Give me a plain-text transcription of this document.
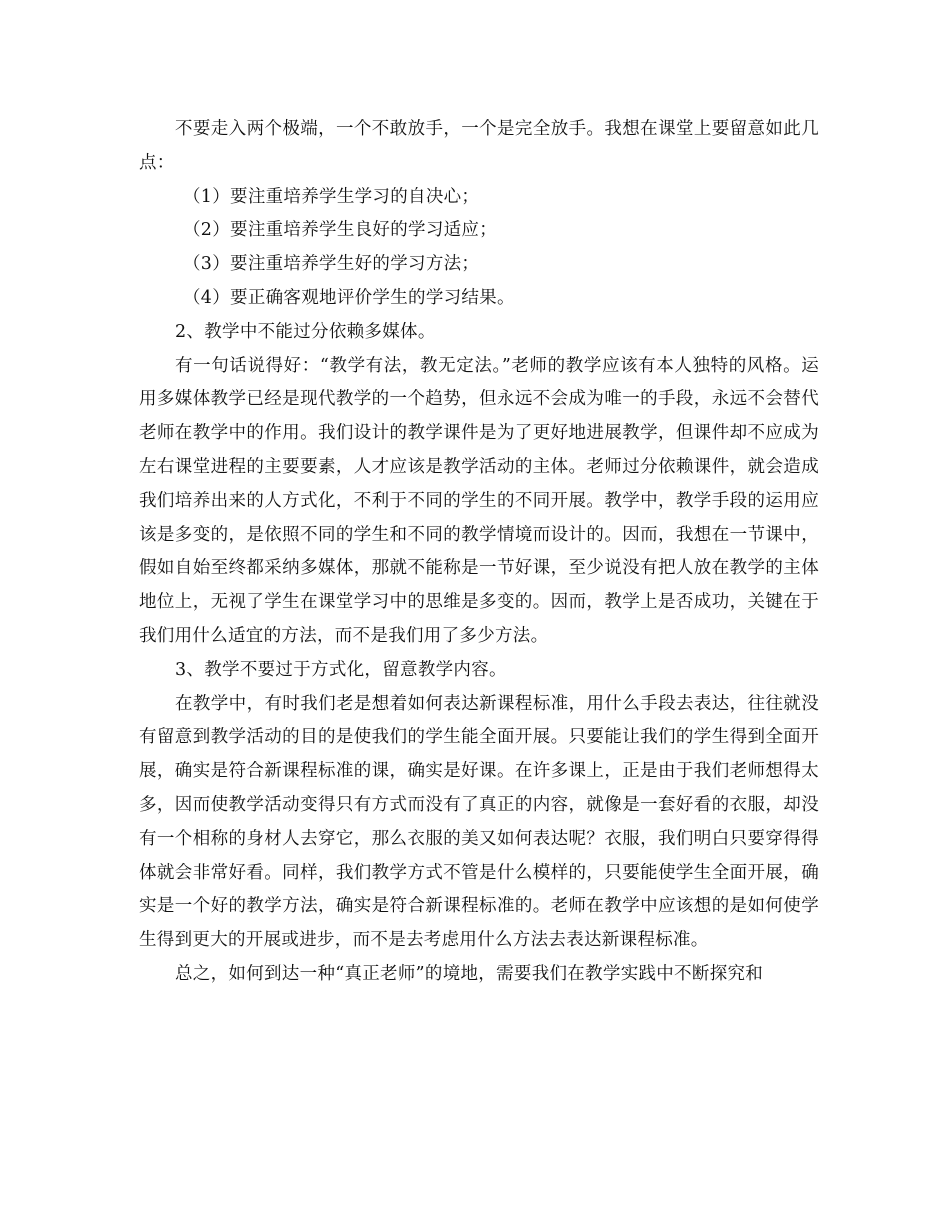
不要走入两个极端，一个不敢放手，一个是完全放手。我想在课堂上要留意如此几点：

（1）要注重培养学生学习的自决心；

（2）要注重培养学生良好的学习适应；

（3）要注重培养学生好的学习方法；

（4）要正确客观地评价学生的学习结果。

2、教学中不能过分依赖多媒体。

有一句话说得好：“教学有法，教无定法。”老师的教学应该有本人独特的风格。运用多媒体教学已经是现代教学的一个趋势，但永远不会成为唯一的手段，永远不会替代老师在教学中的作用。我们设计的教学课件是为了更好地进展教学，但课件却不应成为左右课堂进程的主要要素，人才应该是教学活动的主体。老师过分依赖课件，就会造成我们培养出来的人方式化，不利于不同的学生的不同开展。教学中，教学手段的运用应该是多变的，是依照不同的学生和不同的教学情境而设计的。因而，我想在一节课中，假如自始至终都采纳多媒体，那就不能称是一节好课，至少说没有把人放在教学的主体地位上，无视了学生在课堂学习中的思维是多变的。因而，教学上是否成功，关键在于我们用什么适宜的方法，而不是我们用了多少方法。

3、教学不要过于方式化，留意教学内容。

在教学中，有时我们老是想着如何表达新课程标准，用什么手段去表达，往往就没有留意到教学活动的目的是使我们的学生能全面开展。只要能让我们的学生得到全面开展，确实是符合新课程标准的课，确实是好课。在许多课上，正是由于我们老师想得太多，因而使教学活动变得只有方式而没有了真正的内容，就像是一套好看的衣服，却没有一个相称的身材人去穿它，那么衣服的美又如何表达呢？衣服，我们明白只要穿得得体就会非常好看。同样，我们教学方式不管是什么模样的，只要能使学生全面开展，确实是一个好的教学方法，确实是符合新课程标准的。老师在教学中应该想的是如何使学生得到更大的开展或进步，而不是去考虑用什么方法去表达新课程标准。

总之，如何到达一种“真正老师”的境地，需要我们在教学实践中不断探究和
